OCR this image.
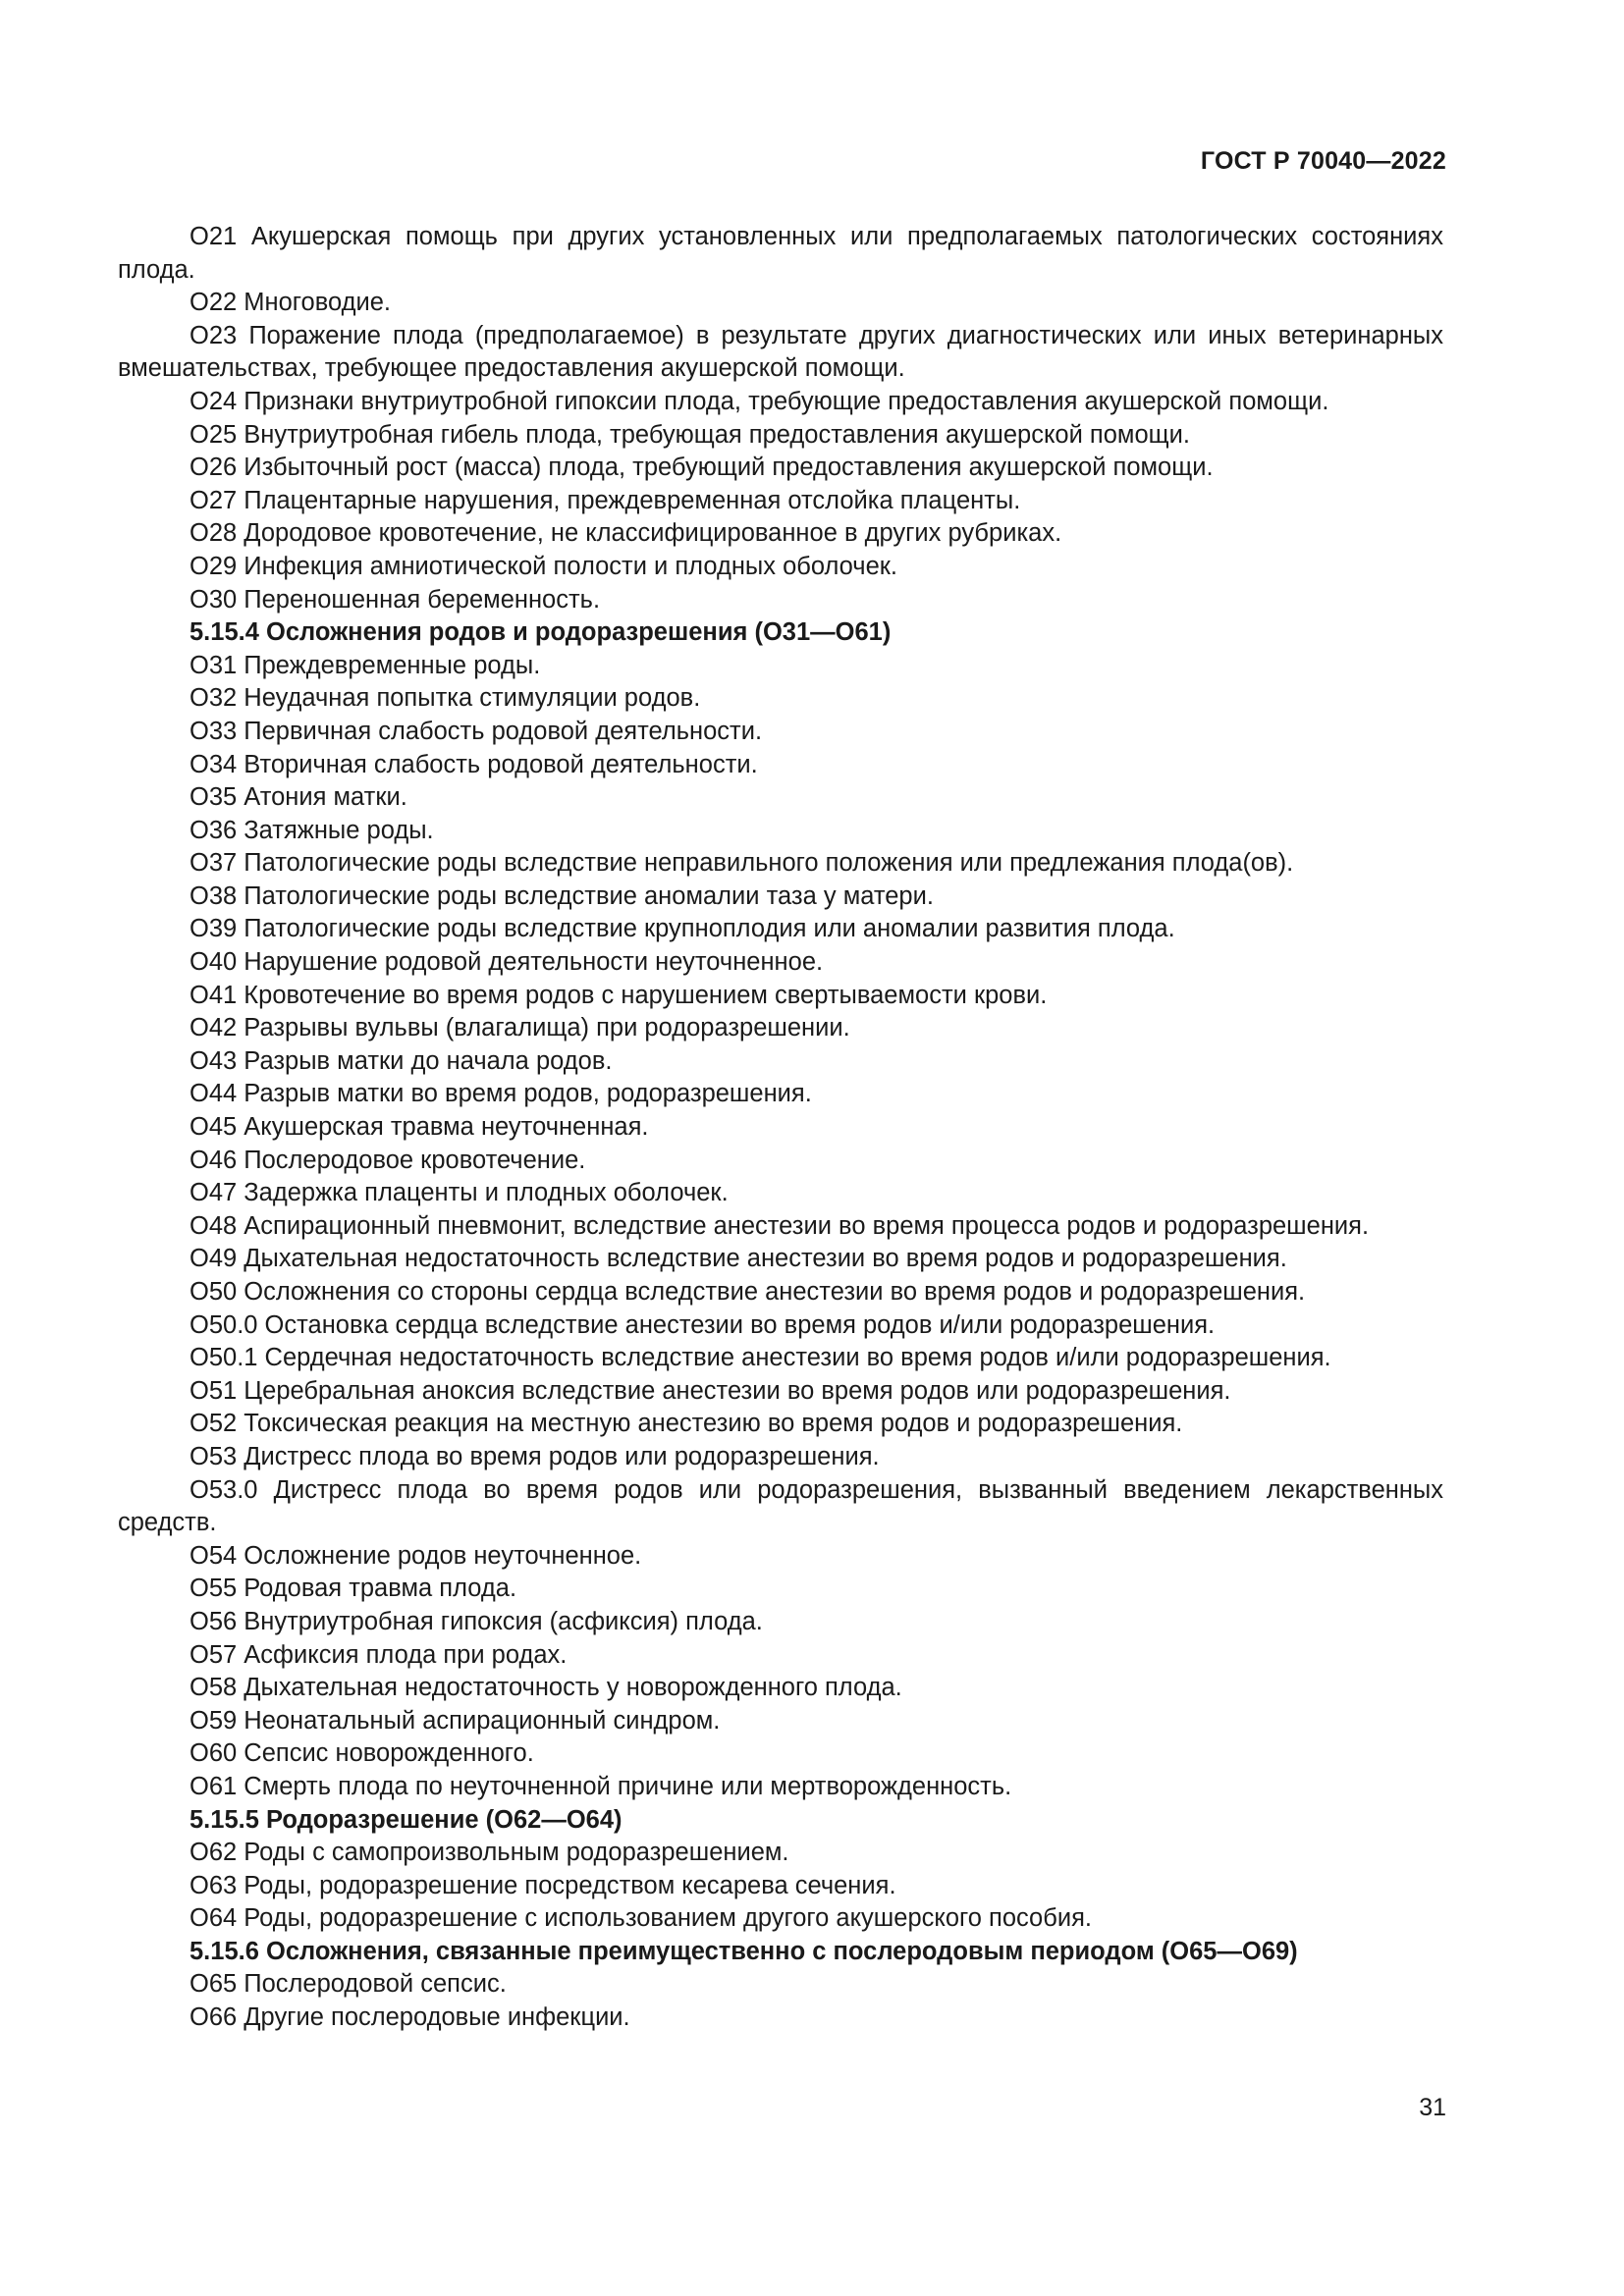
ГОСТ Р 70040—2022

O21 Акушерская помощь при других установленных или предполагаемых патологических состояниях плода.

O22 Многоводие.

O23 Поражение плода (предполагаемое) в результате других диагностических или иных ветеринарных вмешательствах, требующее предоставления акушерской помощи.

O24 Признаки внутриутробной гипоксии плода, требующие предоставления акушерской помощи.

O25 Внутриутробная гибель плода, требующая предоставления акушерской помощи.

O26 Избыточный рост (масса) плода, требующий предоставления акушерской помощи.

O27 Плацентарные нарушения, преждевременная отслойка плаценты.

O28 Дородовое кровотечение, не классифицированное в других рубриках.

O29 Инфекция амниотической полости и плодных оболочек.

O30 Переношенная беременность.

5.15.4 Осложнения родов и родоразрешения (O31—O61)

O31 Преждевременные роды.

O32 Неудачная попытка стимуляции родов.

O33 Первичная слабость родовой деятельности.

O34 Вторичная слабость родовой деятельности.

O35 Атония матки.

O36 Затяжные роды.

O37 Патологические роды вследствие неправильного положения или предлежания плода(ов).

O38 Патологические роды вследствие аномалии таза у матери.

O39 Патологические роды вследствие крупноплодия или аномалии развития плода.

O40 Нарушение родовой деятельности неуточненное.

O41 Кровотечение во время родов с нарушением свертываемости крови.

O42 Разрывы вульвы (влагалища) при родоразрешении.

O43 Разрыв матки до начала родов.

O44 Разрыв матки во время родов, родоразрешения.

O45 Акушерская травма неуточненная.

O46 Послеродовое кровотечение.

O47 Задержка плаценты и плодных оболочек.

O48 Аспирационный пневмонит, вследствие анестезии во время процесса родов и родоразрешения.

O49 Дыхательная недостаточность вследствие анестезии во время родов и родоразрешения.

O50 Осложнения со стороны сердца вследствие анестезии во время родов и родоразрешения.

O50.0 Остановка сердца вследствие анестезии во время родов и/или родоразрешения.

O50.1 Сердечная недостаточность вследствие анестезии во время родов и/или родоразрешения.

O51 Церебральная аноксия вследствие анестезии во время родов или родоразрешения.

O52 Токсическая реакция на местную анестезию во время родов и родоразрешения.

O53 Дистресс плода во время родов или родоразрешения.

O53.0 Дистресс плода во время родов или родоразрешения, вызванный введением лекарственных средств.

O54 Осложнение родов неуточненное.

O55 Родовая травма плода.

O56 Внутриутробная гипоксия (асфиксия) плода.

O57 Асфиксия плода при родах.

O58 Дыхательная недостаточность у новорожденного плода.

O59 Неонатальный аспирационный синдром.

O60 Сепсис новорожденного.

O61 Смерть плода по неуточненной причине или мертворожденность.

5.15.5 Родоразрешение (O62—O64)

O62 Роды с самопроизвольным родоразрешением.

O63 Роды, родоразрешение посредством кесарева сечения.

O64 Роды, родоразрешение с использованием другого акушерского пособия.

5.15.6 Осложнения, связанные преимущественно с послеродовым периодом (O65—O69)

O65 Послеродовой сепсис.

O66 Другие послеродовые инфекции.

31
